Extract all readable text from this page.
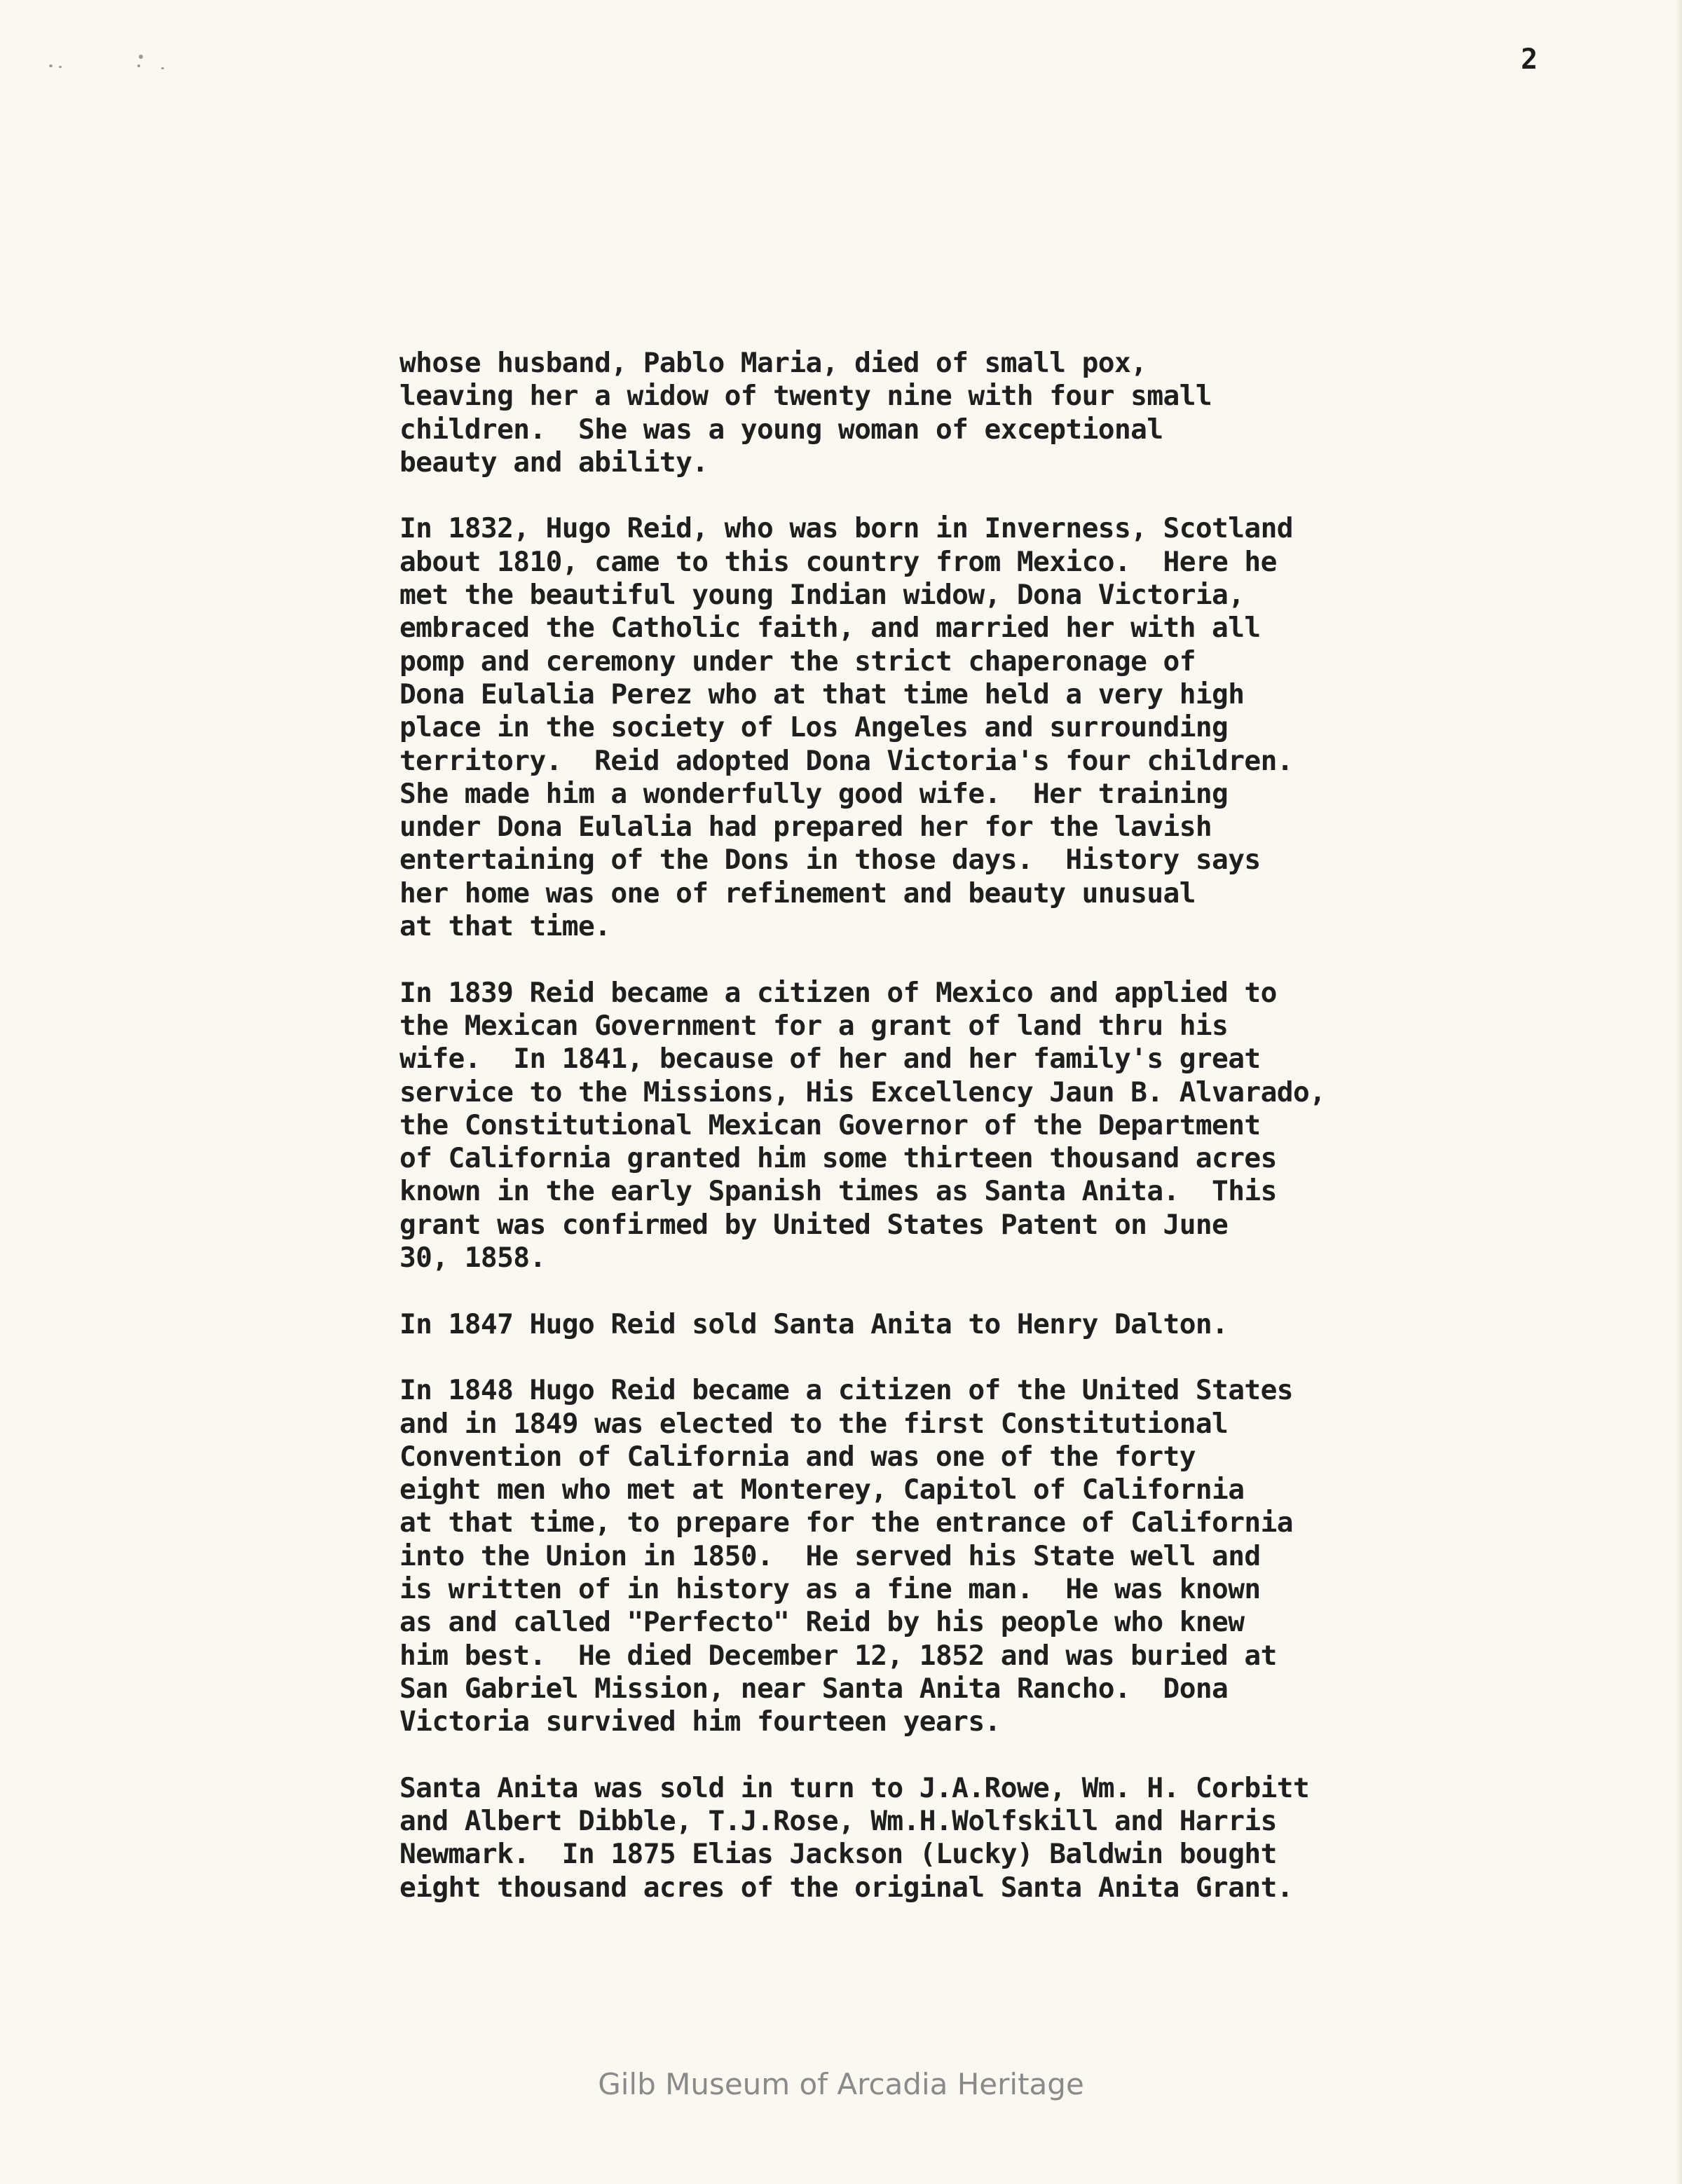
2
whose husband, Pablo Maria, died of small pox,
leaving her a widow of twenty nine with four small
children.  She was a young woman of exceptional
beauty and ability.
In 1832, Hugo Reid, who was born in Inverness, Scotland
about 1810, came to this country from Mexico.  Here he
met the beautiful young Indian widow, Dona Victoria,
embraced the Catholic faith, and married her with all
pomp and ceremony under the strict chaperonage of
Dona Eulalia Perez who at that time held a very high
place in the society of Los Angeles and surrounding
territory.  Reid adopted Dona Victoria's four children.
She made him a wonderfully good wife.  Her training
under Dona Eulalia had prepared her for the lavish
entertaining of the Dons in those days.  History says
her home was one of refinement and beauty unusual
at that time.
In 1839 Reid became a citizen of Mexico and applied to
the Mexican Government for a grant of land thru his
wife.  In 1841, because of her and her family's great
service to the Missions, His Excellency Jaun B. Alvarado,
the Constitutional Mexican Governor of the Department
of California granted him some thirteen thousand acres
known in the early Spanish times as Santa Anita.  This
grant was confirmed by United States Patent on June
30, 1858.
In 1847 Hugo Reid sold Santa Anita to Henry Dalton.
In 1848 Hugo Reid became a citizen of the United States
and in 1849 was elected to the first Constitutional
Convention of California and was one of the forty
eight men who met at Monterey, Capitol of California
at that time, to prepare for the entrance of California
into the Union in 1850.  He served his State well and
is written of in history as a fine man.  He was known
as and called "Perfecto" Reid by his people who knew
him best.  He died December 12, 1852 and was buried at
San Gabriel Mission, near Santa Anita Rancho.  Dona
Victoria survived him fourteen years.
Santa Anita was sold in turn to J.A.Rowe, Wm. H. Corbitt
and Albert Dibble, T.J.Rose, Wm.H.Wolfskill and Harris
Newmark.  In 1875 Elias Jackson (Lucky) Baldwin bought
eight thousand acres of the original Santa Anita Grant.
Gilb Museum of Arcadia Heritage
